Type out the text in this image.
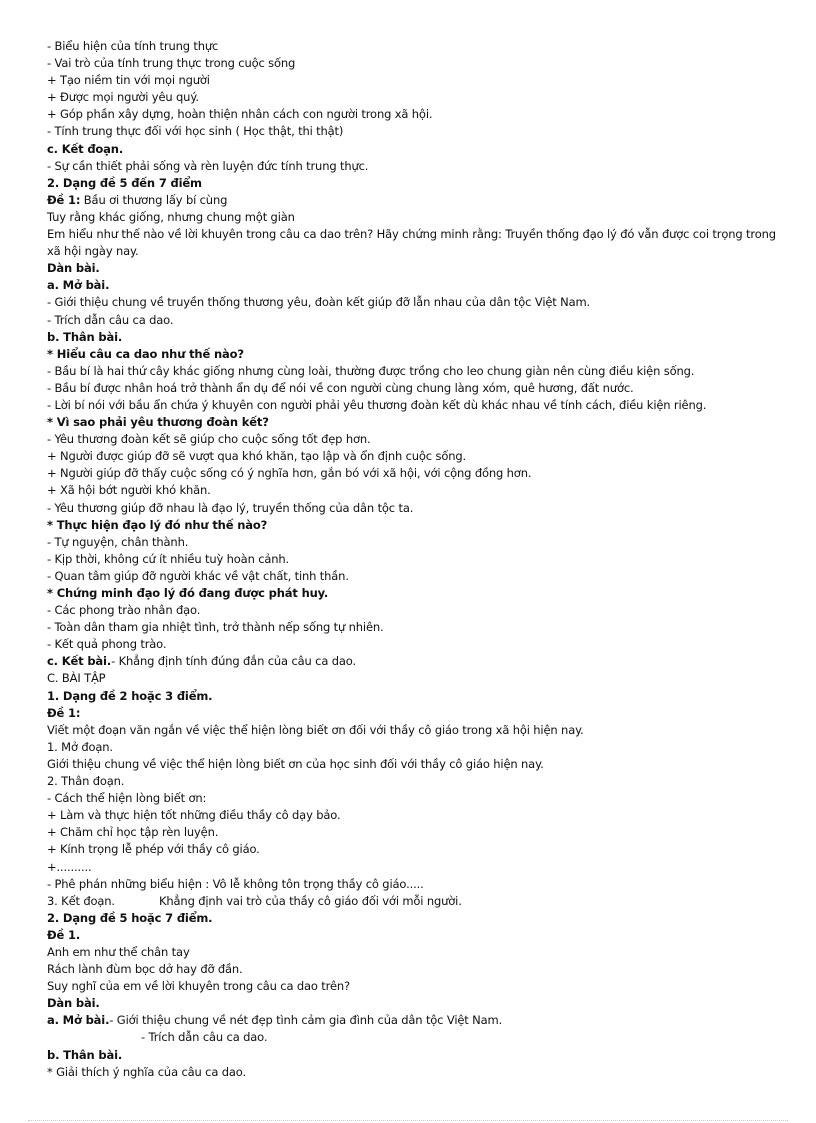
- Biểu hiện của tính trung thực
- Vai trò của tính trung thực trong cuộc sống
+ Tạo niềm tin với mọi người
+ Được mọi người yêu quý.
+ Góp phần xây dựng, hoàn thiện nhân cách con người trong xã hội.
- Tính trung thực đối với học sinh ( Học thật, thi thật)
c. Kết đoạn.
- Sự cần thiết phải sống và rèn luyện đức tính trung thực.
2. Dạng đề 5 đến 7 điểm
Đề 1: Bầu ơi thương lấy bí cùng
Tuy rằng khác giống, nhưng chung một giàn
Em hiểu như thế nào về lời khuyên trong câu ca dao trên? Hãy chứng minh rằng: Truyền thống đạo lý đó vẫn được coi trọng trong xã hội ngày nay.
Dàn bài.
a. Mở bài.
- Giới thiệu chung về truyền thống thương yêu, đoàn kết giúp đỡ lẫn nhau của dân tộc Việt Nam.
- Trích dẫn câu ca dao.
b. Thân bài.
* Hiểu câu ca dao như thế nào?
- Bầu bí là hai thứ cây khác giống nhưng cùng loài, thường được trồng cho leo chung giàn nên cùng điều kiện sống.
- Bầu bí được nhân hoá trở thành ẩn dụ để nói về con người cùng chung làng xóm, quê hương, đất nước.
- Lời bí nói với bầu ẩn chứa ý khuyên con người phải yêu thương đoàn kết dù khác nhau về tính cách, điều kiện riêng.
* Vì sao phải yêu thương đoàn kết?
- Yêu thương đoàn kết sẽ giúp cho cuộc sống tốt đẹp hơn.
+ Người được giúp đỡ sẽ vượt qua khó khăn, tạo lập và ổn định cuộc sống.
+ Người giúp đỡ thấy cuộc sống có ý nghĩa hơn, gắn bó với xã hội, với cộng đồng hơn.
+ Xã hội bớt người khó khăn.
- Yêu thương giúp đỡ nhau là đạo lý, truyền thống của dân tộc ta.
* Thực hiện đạo lý đó như thế nào?
- Tự nguyện, chân thành.
- Kịp thời, không cứ ít nhiều tuỳ hoàn cảnh.
- Quan tâm giúp đỡ người khác về vật chất, tinh thần.
* Chứng minh đạo lý đó đang được phát huy.
- Các phong trào nhân đạo.
- Toàn dân tham gia nhiệt tình, trở thành nếp sống tự nhiên.
- Kết quả phong trào.
c. Kết bài.- Khẳng định tính đúng đắn của câu ca dao.
C. BÀI TẬP
1. Dạng đề 2 hoặc 3 điểm.
Đề 1:
Viết một đoạn văn ngắn về việc thể hiện lòng biết ơn đối với thầy cô giáo trong xã hội hiện nay.
1. Mở đoạn.
Giới thiệu chung về việc thể hiện lòng biết ơn của học sinh đối với thầy cô giáo hiện nay.
2. Thân đoạn.
- Cách thể hiện lòng biết ơn:
+ Làm và thực hiện tốt những điều thầy cô dạy bảo.
+ Chăm chỉ học tập rèn luyện.
+ Kính trọng lễ phép với thầy cô giáo.
+..........
- Phê phán những biểu hiện : Vô lễ không tôn trọng thầy cô giáo.....
3. Kết đoạn.	Khẳng định vai trò của thầy cô giáo đối với mỗi người.
2. Dạng đề 5 hoặc 7 điểm.
Đề 1.
Anh em như thể chân tay
Rách lành đùm bọc dở hay đỡ đần.
Suy nghĩ của em về lời khuyên trong câu ca dao trên?
Dàn bài.
a. Mở bài.- Giới thiệu chung về nét đẹp tình cảm gia đình của dân tộc Việt Nam.
- Trích dẫn câu ca dao.
b. Thân bài.
* Giải thích ý nghĩa của câu ca dao.
